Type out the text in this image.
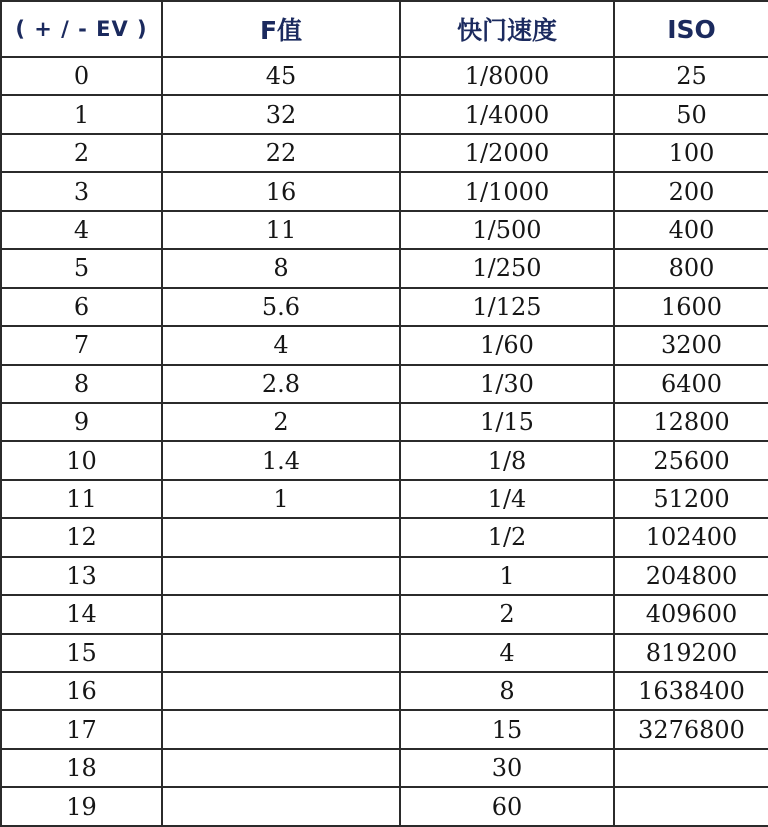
( + / - EV )	F值	快门速度	ISO
0	45	1/8000	25
1	32	1/4000	50
2	22	1/2000	100
3	16	1/1000	200
4	11	1/500	400
5	8	1/250	800
6	5.6	1/125	1600
7	4	1/60	3200
8	2.8	1/30	6400
9	2	1/15	12800
10	1.4	1/8	25600
11	1	1/4	51200
12		1/2	102400
13		1	204800
14		2	409600
15		4	819200
16		8	1638400
17		15	3276800
18		30	
19		60	
